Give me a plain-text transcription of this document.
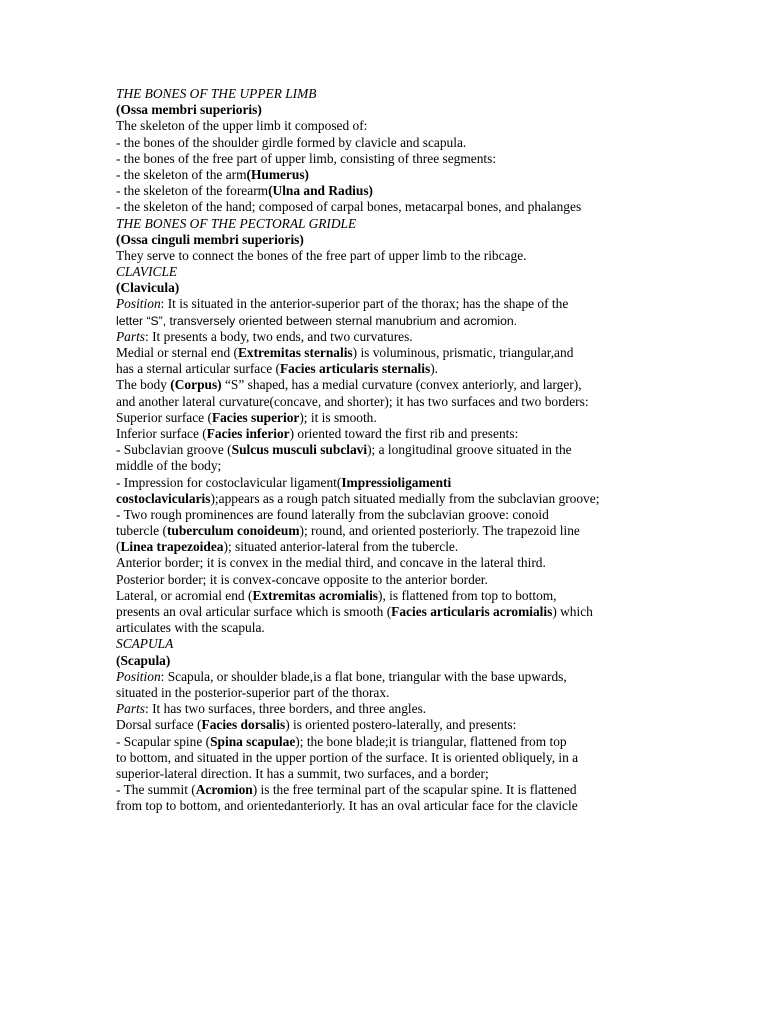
THE BONES OF THE UPPER LIMB
(Ossa membri superioris)
The skeleton of the upper limb it composed of:
- the bones of the shoulder girdle formed by clavicle and scapula.
- the bones of the free part of upper limb, consisting of three segments:
- the skeleton of the arm(Humerus)
- the skeleton of the forearm(Ulna and Radius)
- the skeleton of the hand; composed of carpal bones, metacarpal bones, and phalanges
THE BONES OF THE PECTORAL GRIDLE
(Ossa cinguli membri superioris)
They serve to connect the bones of the free part of upper limb to the ribcage.
CLAVICLE
(Clavicula)
Position: It is situated in the anterior-superior part of the thorax; has the shape of the
letter “S”, transversely oriented between sternal manubrium and acromion.
Parts: It presents a body, two ends, and two curvatures.
Medial or sternal end (Extremitas sternalis) is voluminous, prismatic, triangular,and
has a sternal articular surface (Facies articularis sternalis).
The body (Corpus) “S” shaped, has a medial curvature (convex anteriorly, and larger),
and another lateral curvature(concave, and shorter); it has two surfaces and two borders:
Superior surface (Facies superior); it is smooth.
Inferior surface (Facies inferior) oriented toward the first rib and presents:
- Subclavian groove (Sulcus musculi subclavi); a longitudinal groove situated in the
middle of the body;
- Impression for costoclavicular ligament(Impressioligamenti
costoclavicularis);appears as a rough patch situated medially from the subclavian groove;
- Two rough prominences are found laterally from the subclavian groove: conoid
tubercle (tuberculum conoideum); round, and oriented posteriorly. The trapezoid line
(Linea trapezoidea); situated anterior-lateral from the tubercle.
Anterior border; it is convex in the medial third, and concave in the lateral third.
Posterior border; it is convex-concave opposite to the anterior border.
Lateral, or acromial end (Extremitas acromialis), is flattened from top to bottom,
presents an oval articular surface which is smooth (Facies articularis acromialis) which
articulates with the scapula.
SCAPULA
(Scapula)
Position: Scapula, or shoulder blade,is a flat bone, triangular with the base upwards,
situated in the posterior-superior part of the thorax.
Parts: It has two surfaces, three borders, and three angles.
Dorsal surface (Facies dorsalis) is oriented postero-laterally, and presents:
- Scapular spine (Spina scapulae); the bone blade;it is triangular, flattened from top
to bottom, and situated in the upper portion of the surface. It is oriented obliquely, in a
superior-lateral direction. It has a summit, two surfaces, and a border;
- The summit (Acromion) is the free terminal part of the scapular spine. It is flattened
from top to bottom, and orientedanteriorly. It has an oval articular face for the clavicle
